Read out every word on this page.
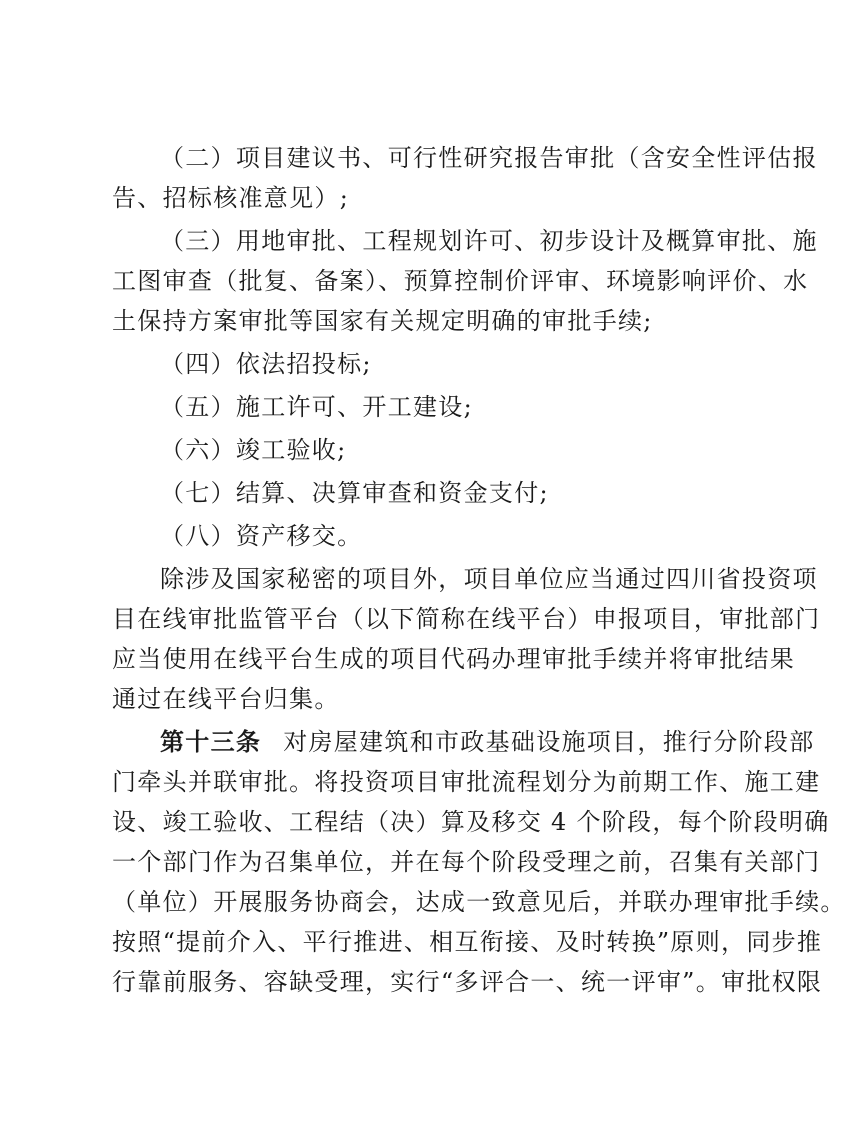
（二）项目建议书、可行性研究报告审批（含安全性评估报
告、招标核准意见）;
（三）用地审批、工程规划许可、初步设计及概算审批、施
工图审查（批复、备案）、预算控制价评审、环境影响评价、水
土保持方案审批等国家有关规定明确的审批手续;
（四）依法招投标;
（五）施工许可、开工建设;
（六）竣工验收;
（七）结算、决算审查和资金支付;
（八）资产移交。
除涉及国家秘密的项目外，项目单位应当通过四川省投资项
目在线审批监管平台（以下简称在线平台）申报项目，审批部门
应当使用在线平台生成的项目代码办理审批手续并将审批结果
通过在线平台归集。
第十三条 对房屋建筑和市政基础设施项目，推行分阶段部
门牵头并联审批。将投资项目审批流程划分为前期工作、施工建
设、竣工验收、工程结（决）算及移交 4 个阶段，每个阶段明确
一个部门作为召集单位，并在每个阶段受理之前，召集有关部门
（单位）开展服务协商会，达成一致意见后，并联办理审批手续。
按照“提前介入、平行推进、相互衔接、及时转换”原则，同步推
行靠前服务、容缺受理，实行“多评合一、统一评审”。审批权限
